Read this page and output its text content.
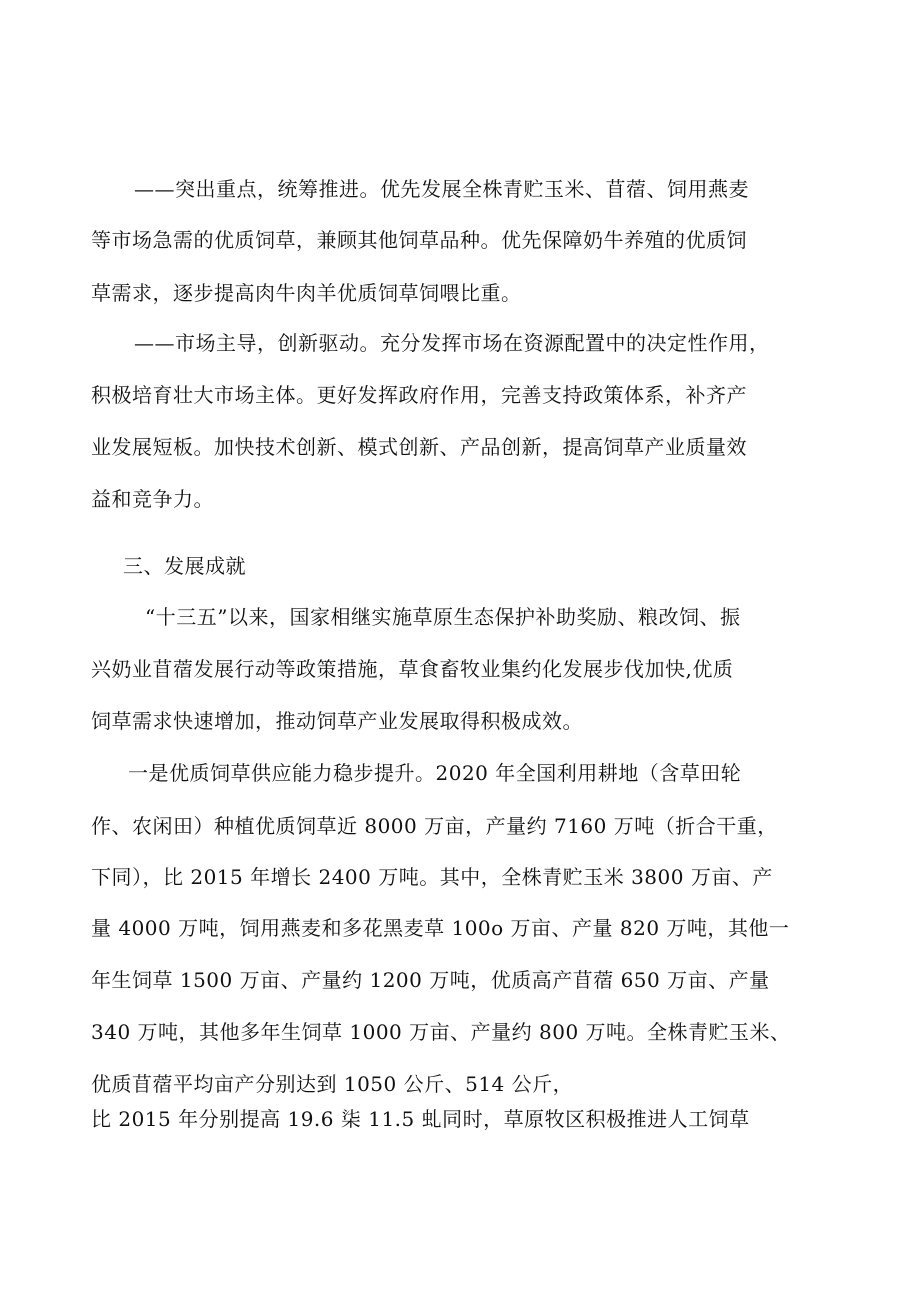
——突出重点，统筹推进。优先发展全株青贮玉米、苜蓿、饲用燕麦
等市场急需的优质饲草，兼顾其他饲草品种。优先保障奶牛养殖的优质饲
草需求，逐步提高肉牛肉羊优质饲草饲喂比重。
——市场主导，创新驱动。充分发挥市场在资源配置中的决定性作用，
积极培育壮大市场主体。更好发挥政府作用，完善支持政策体系，补齐产
业发展短板。加快技术创新、模式创新、产品创新，提高饲草产业质量效
益和竞争力。
三、发展成就
“十三五”以来，国家相继实施草原生态保护补助奖励、粮改饲、振
兴奶业苜蓿发展行动等政策措施，草食畜牧业集约化发展步伐加快,优质
饲草需求快速增加，推动饲草产业发展取得积极成效。
一是优质饲草供应能力稳步提升。2020 年全国利用耕地（含草田轮
作、农闲田）种植优质饲草近 8000 万亩，产量约 7160 万吨（折合干重，
下同），比 2015 年增长 2400 万吨。其中，全株青贮玉米 3800 万亩、产
量 4000 万吨，饲用燕麦和多花黑麦草 100o 万亩、产量 820 万吨，其他一
年生饲草 1500 万亩、产量约 1200 万吨，优质高产苜蓿 650 万亩、产量
340 万吨，其他多年生饲草 1000 万亩、产量约 800 万吨。全株青贮玉米、
优质苜蓿平均亩产分别达到 1050 公斤、514 公斤，
比 2015 年分别提高 19.6 柒 11.5 虬同时，草原牧区积极推进人工饲草
